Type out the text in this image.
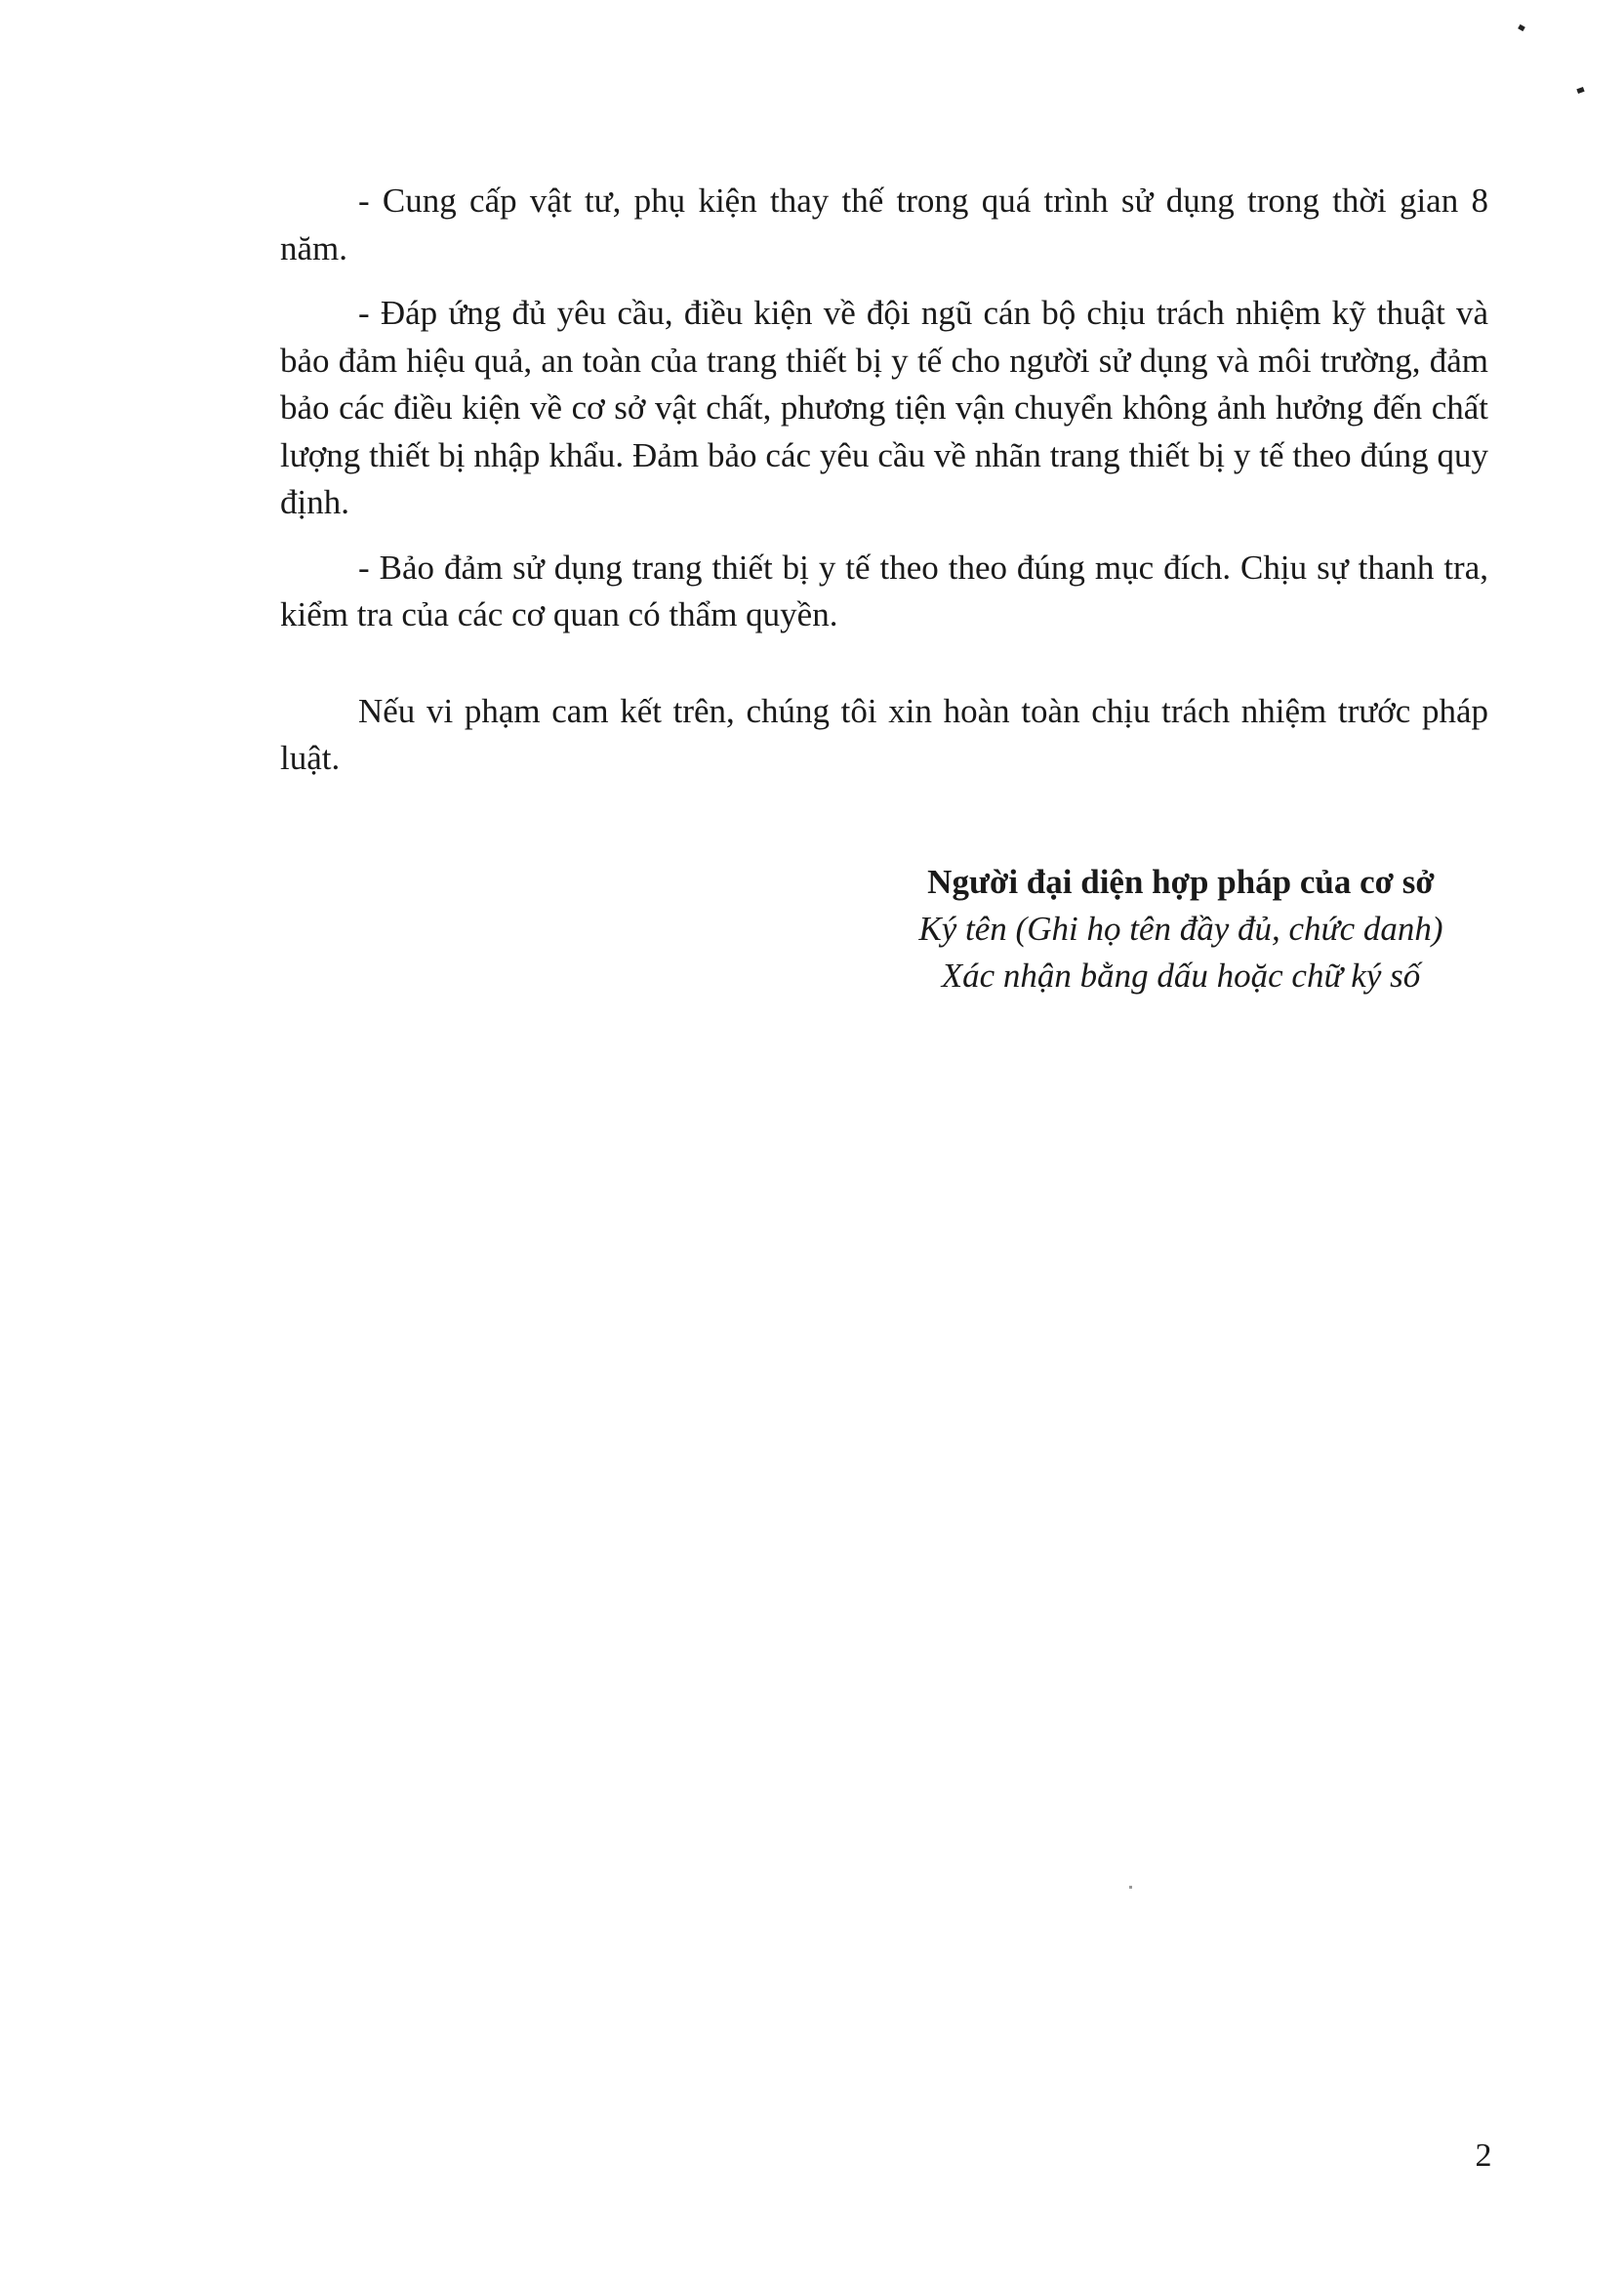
- Cung cấp vật tư, phụ kiện thay thế trong quá trình sử dụng trong thời gian 8 năm.

- Đáp ứng đủ yêu cầu, điều kiện về đội ngũ cán bộ chịu trách nhiệm kỹ thuật và bảo đảm hiệu quả, an toàn của trang thiết bị y tế cho người sử dụng và môi trường, đảm bảo các điều kiện về cơ sở vật chất, phương tiện vận chuyển không ảnh hưởng đến chất lượng thiết bị nhập khẩu. Đảm bảo các yêu cầu về nhãn trang thiết bị y tế theo đúng quy định.

- Bảo đảm sử dụng trang thiết bị y tế theo theo đúng mục đích. Chịu sự thanh tra, kiểm tra của các cơ quan có thẩm quyền.

Nếu vi phạm cam kết trên, chúng tôi xin hoàn toàn chịu trách nhiệm trước pháp luật.

Người đại diện hợp pháp của cơ sở
Ký tên (Ghi họ tên đầy đủ, chức danh)
Xác nhận bằng dấu hoặc chữ ký số
2
